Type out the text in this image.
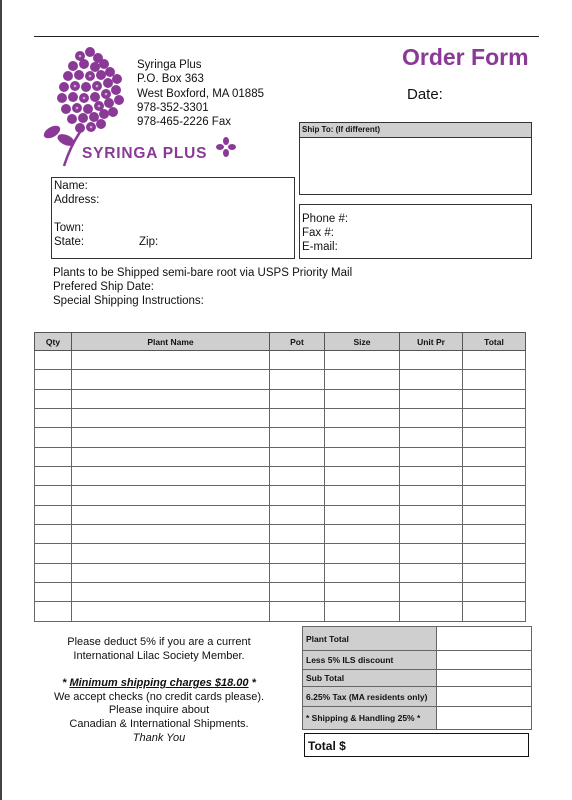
SYRINGA PLUS
Syringa Plus
P.O. Box 363
West Boxford, MA 01885
978-352-3301
978-465-2226 Fax
Order Form
Date:
Name:
Address:
Town:
State:	Zip:
Ship To: (If different)
Phone #:
Fax #:
E-mail:
Plants to be Shipped semi-bare root via USPS Priority Mail
Prefered Ship Date:
Special Shipping Instructions:
Qty	Plant Name	Pot	Size	Unit Pr	Total

Please deduct 5% if you are a current
International Lilac Society Member.
* Minimum shipping charges $18.00 *
We accept checks (no credit cards please).
Please inquire about
Canadian & International Shipments.
Thank You
Plant Total	
Less 5% ILS discount	
Sub Total	
6.25% Tax (MA residents only)	
* Shipping & Handling 25% *	
Total $
